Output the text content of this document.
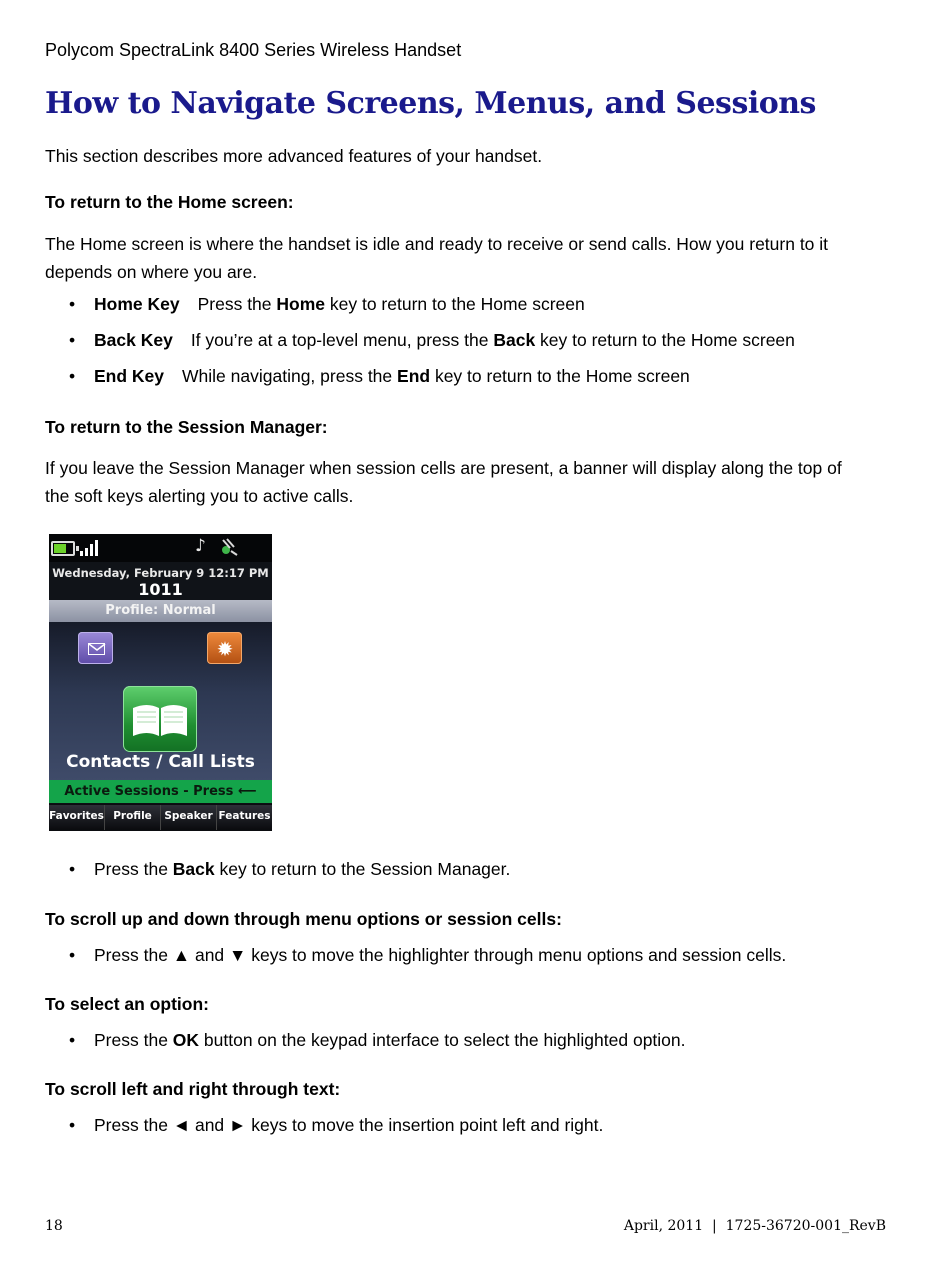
Polycom SpectraLink 8400 Series Wireless Handset
How to Navigate Screens, Menus, and Sessions
This section describes more advanced features of your handset.
To return to the Home screen:
The Home screen is where the handset is idle and ready to receive or send calls. How you return to it
depends on where you are.
• Home Key Press the Home key to return to the Home screen
• Back Key If you’re at a top-level menu, press the Back key to return to the Home screen
• End Key While navigating, press the End key to return to the Home screen
To return to the Session Manager:
If you leave the Session Manager when session cells are present, a banner will display along the top of
the soft keys alerting you to active calls.
• Press the Back key to return to the Session Manager.
To scroll up and down through menu options or session cells:
• Press the ▲ and ▼ keys to move the highlighter through menu options and session cells.
To select an option:
• Press the OK button on the keypad interface to select the highlighted option.
To scroll left and right through text:
• Press the ◄ and ► keys to move the insertion point left and right.
♪
Wednesday, February 9 12:17 PM
1011
Profile: Normal
✹
Contacts / Call Lists
Active Sessions - Press ⟵
Favorites Profile	Speaker Features
18	April, 2011  |  1725-36720-001_RevB
